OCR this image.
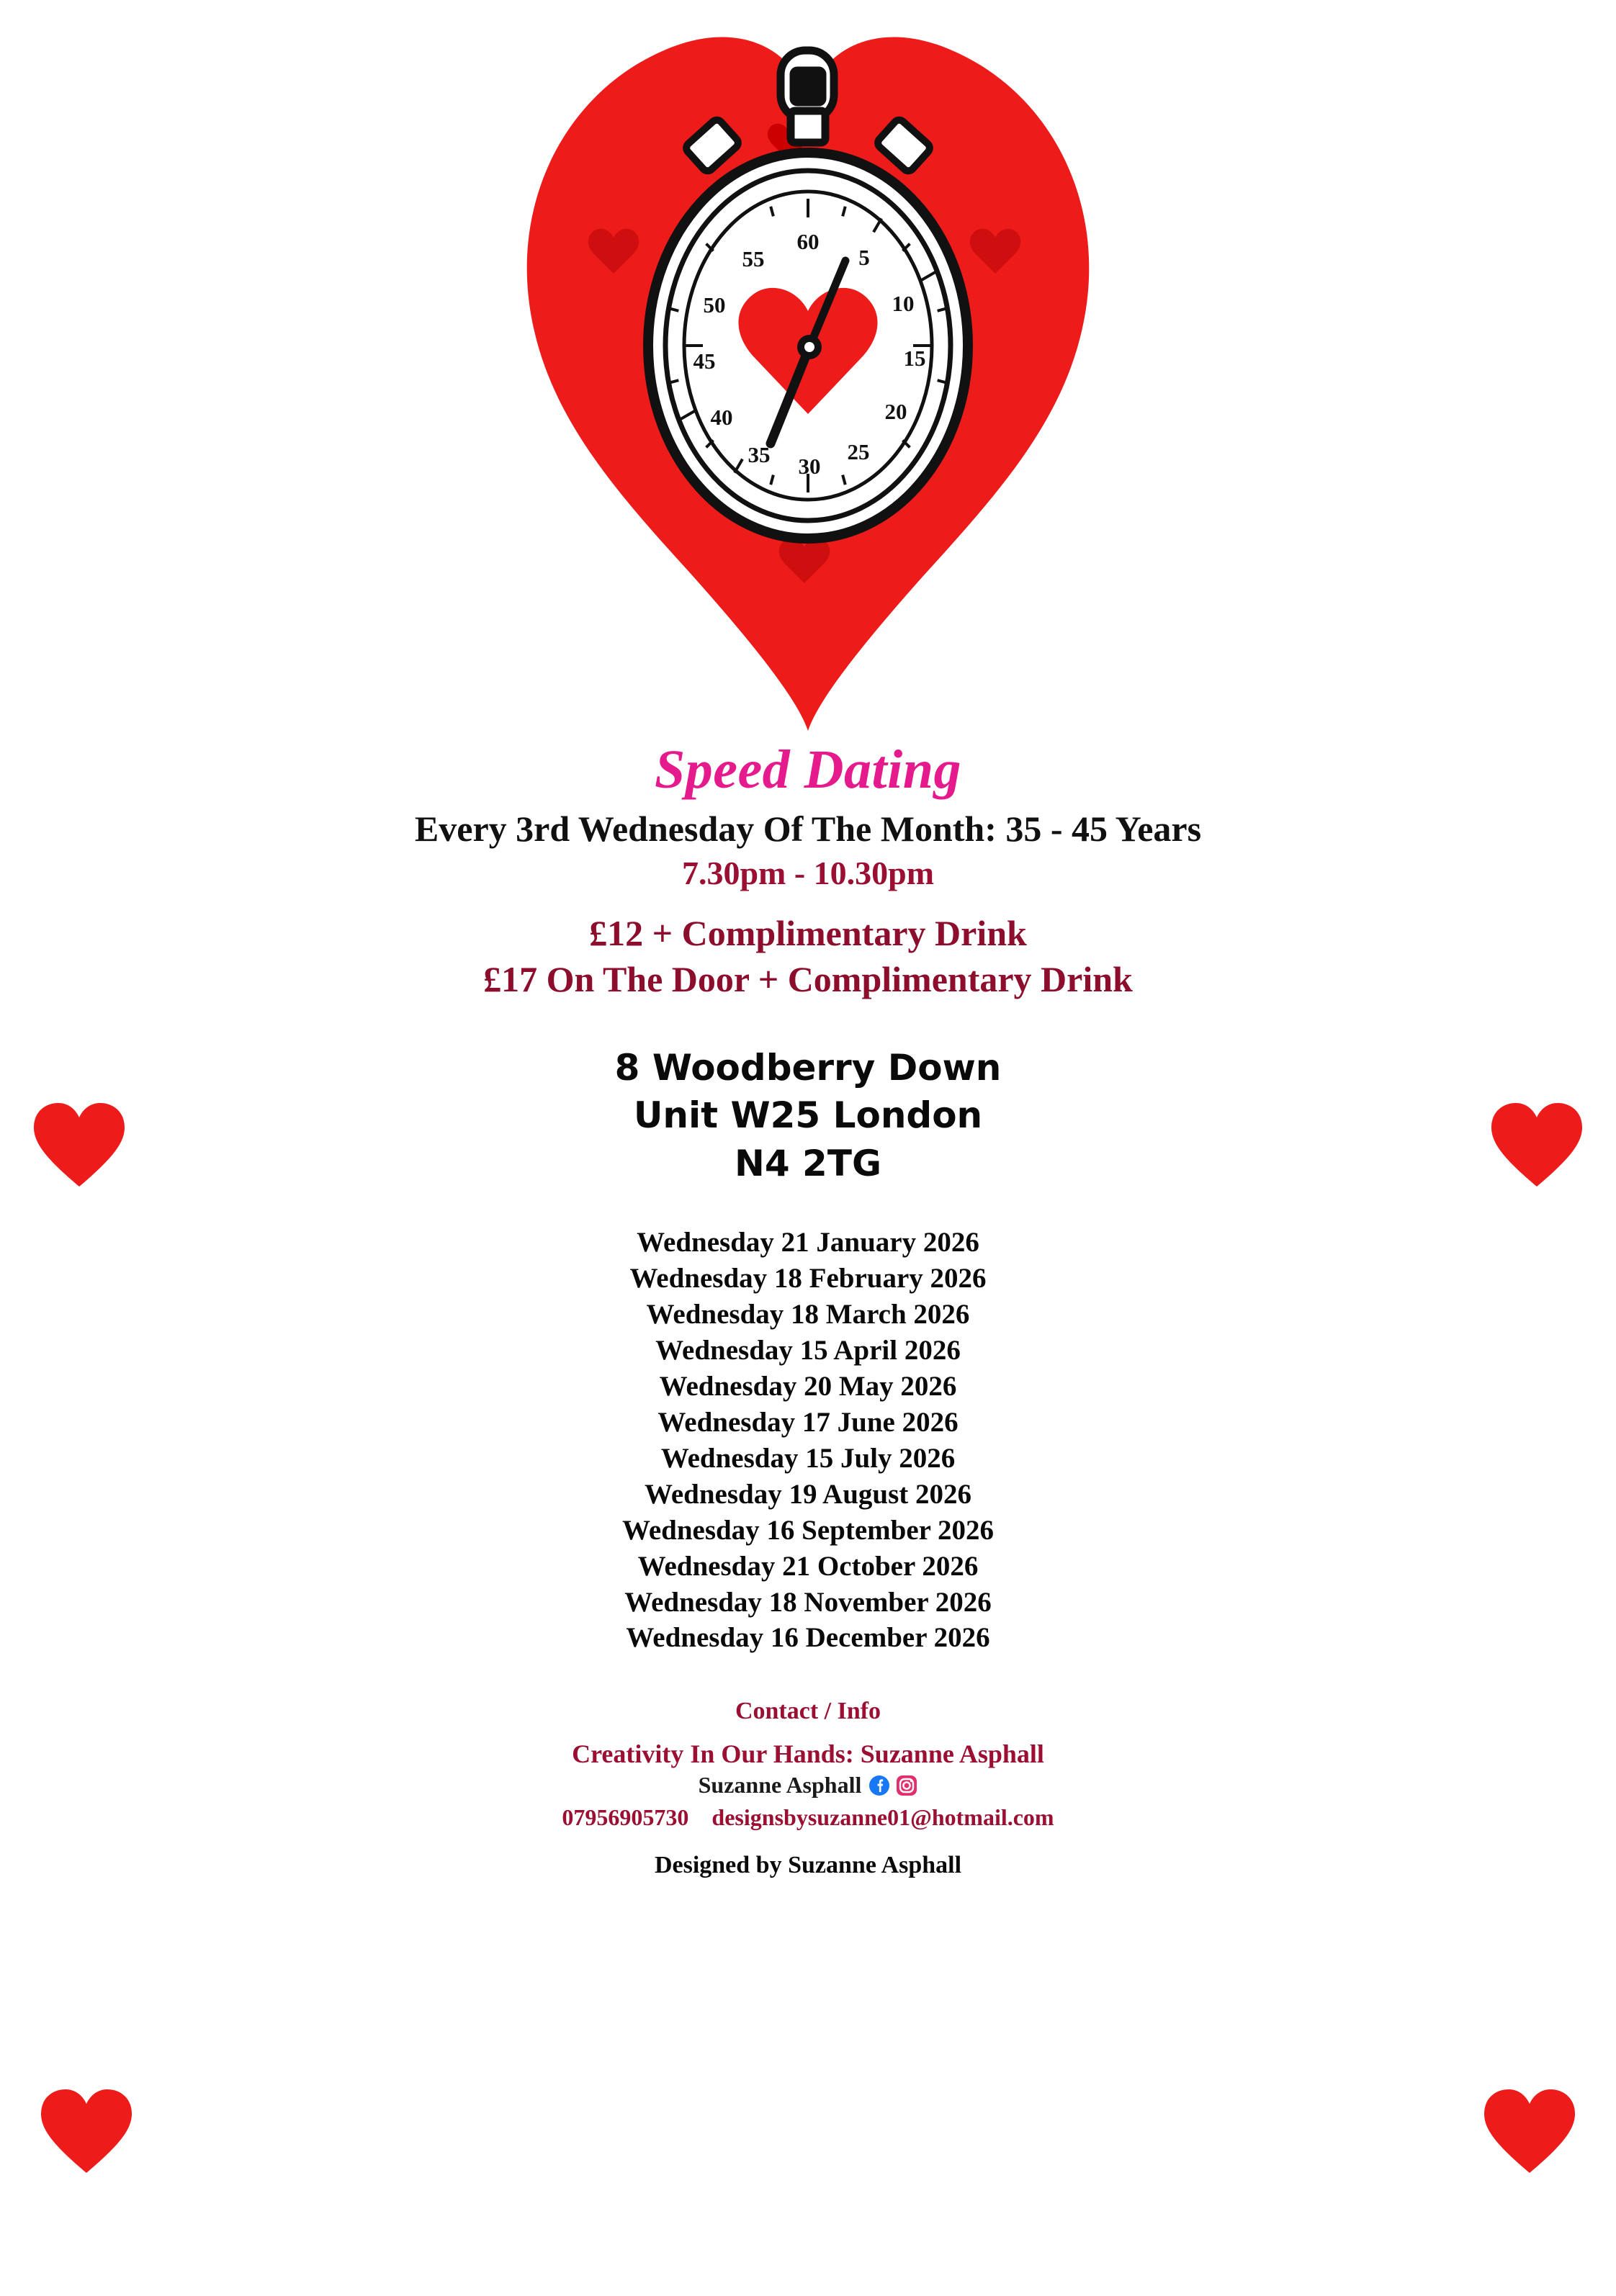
60
5
10
15
20
25
30
35
40
45
50
55
Speed Dating
Every 3rd Wednesday Of The Month: 35 - 45 Years
7.30pm - 10.30pm
£12 + Complimentary Drink
£17 On The Door + Complimentary Drink
8 Woodberry Down
Unit W25 London
N4 2TG
Wednesday 21 January 2026
Wednesday 18 February 2026
Wednesday 18 March 2026
Wednesday 15 April 2026
Wednesday 20 May 2026
Wednesday 17 June 2026
Wednesday 15 July 2026
Wednesday 19 August 2026
Wednesday 16 September 2026
Wednesday 21 October 2026
Wednesday 18 November 2026
Wednesday 16 December 2026
Contact / Info
Creativity In Our Hands: Suzanne Asphall
Suzanne Asphall
07956905730 designsbysuzanne01@hotmail.com
Designed by Suzanne Asphall
